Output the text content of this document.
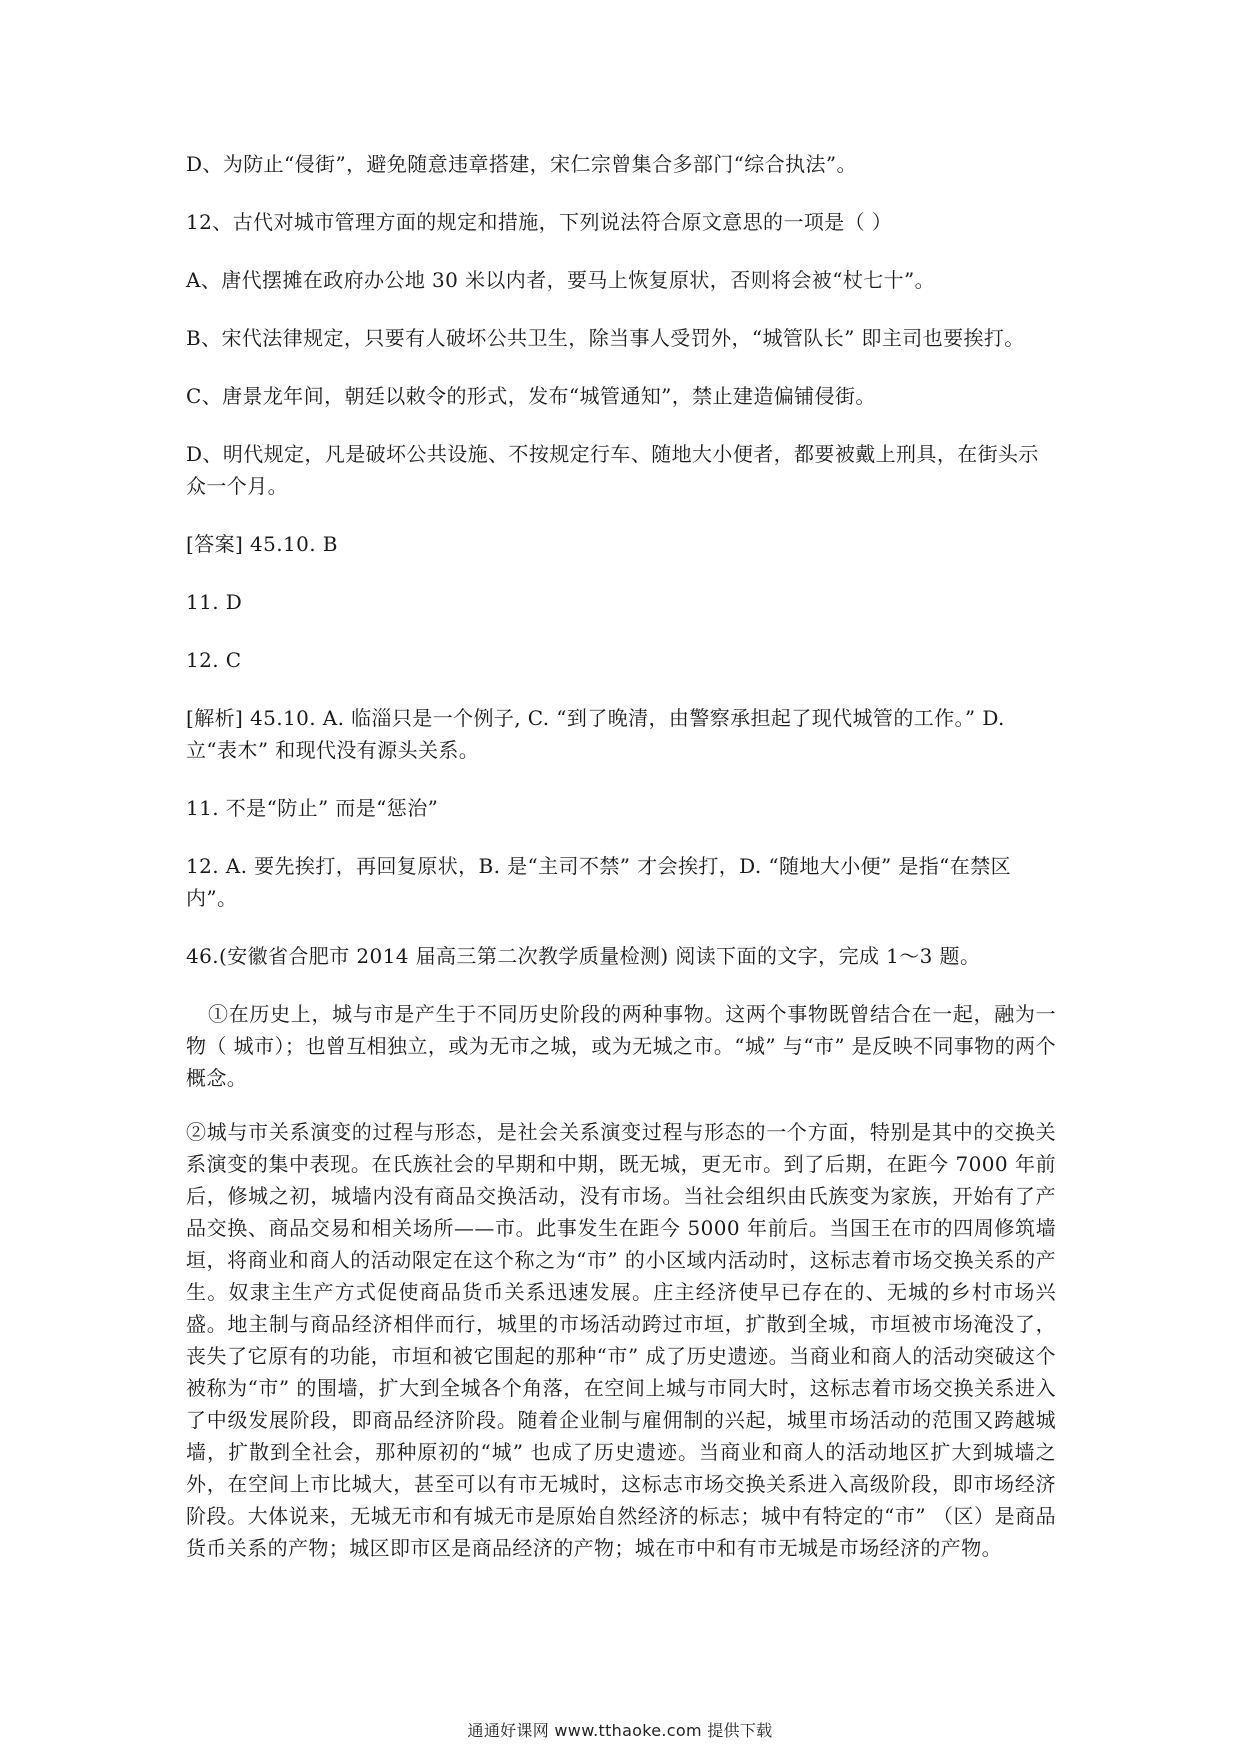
D、为防止“侵街”，避免随意违章搭建，宋仁宗曾集合多部门“综合执法”。

12、古代对城市管理方面的规定和措施，下列说法符合原文意思的一项是（ ）

A、唐代摆摊在政府办公地 30 米以内者，要马上恢复原状，否则将会被“杖七十”。

B、宋代法律规定，只要有人破坏公共卫生，除当事人受罚外，“城管队长” 即主司也要挨打。

C、唐景龙年间，朝廷以敕令的形式，发布“城管通知”，禁止建造偏铺侵街。

D、明代规定，凡是破坏公共设施、不按规定行车、随地大小便者，都要被戴上刑具，在街头示众一个月。

[答案] 45.10. B

11. D

12. C

[解析] 45.10. A. 临淄只是一个例子, C. “到了晚清，由警察承担起了现代城管的工作。” D. 立“表木” 和现代没有源头关系。

11. 不是“防止” 而是“惩治”

12. A. 要先挨打，再回复原状，B. 是“主司不禁” 才会挨打，D. “随地大小便” 是指“在禁区内”。

46.(安徽省合肥市 2014 届高三第二次教学质量检测) 阅读下面的文字，完成 1～3 题。

①在历史上，城与市是产生于不同历史阶段的两种事物。这两个事物既曾结合在一起，融为一物（ 城市）；也曾互相独立，或为无市之城，或为无城之市。“城” 与“市” 是反映不同事物的两个概念。

②城与市关系演变的过程与形态，是社会关系演变过程与形态的一个方面，特别是其中的交换关系演变的集中表现。在氏族社会的早期和中期，既无城，更无市。到了后期，在距今 7000 年前后，修城之初，城墙内没有商品交换活动，没有市场。当社会组织由氏族变为家族，开始有了产品交换、商品交易和相关场所——市。此事发生在距今 5000 年前后。当国王在市的四周修筑墙垣，将商业和商人的活动限定在这个称之为“市” 的小区域内活动时，这标志着市场交换关系的产生。奴隶主生产方式促使商品货币关系迅速发展。庄主经济使早已存在的、无城的乡村市场兴盛。地主制与商品经济相伴而行，城里的市场活动跨过市垣，扩散到全城，市垣被市场淹没了，丧失了它原有的功能，市垣和被它围起的那种“市” 成了历史遗迹。当商业和商人的活动突破这个被称为“市” 的围墙，扩大到全城各个角落，在空间上城与市同大时，这标志着市场交换关系进入了中级发展阶段，即商品经济阶段。随着企业制与雇佣制的兴起，城里市场活动的范围又跨越城墙，扩散到全社会，那种原初的“城” 也成了历史遗迹。当商业和商人的活动地区扩大到城墙之外，在空间上市比城大，甚至可以有市无城时，这标志市场交换关系进入高级阶段，即市场经济阶段。大体说来，无城无市和有城无市是原始自然经济的标志；城中有特定的“市” （区）是商品货币关系的产物；城区即市区是商品经济的产物；城在市中和有市无城是市场经济的产物。

通通好课网 www.tthaoke.com 提供下载
